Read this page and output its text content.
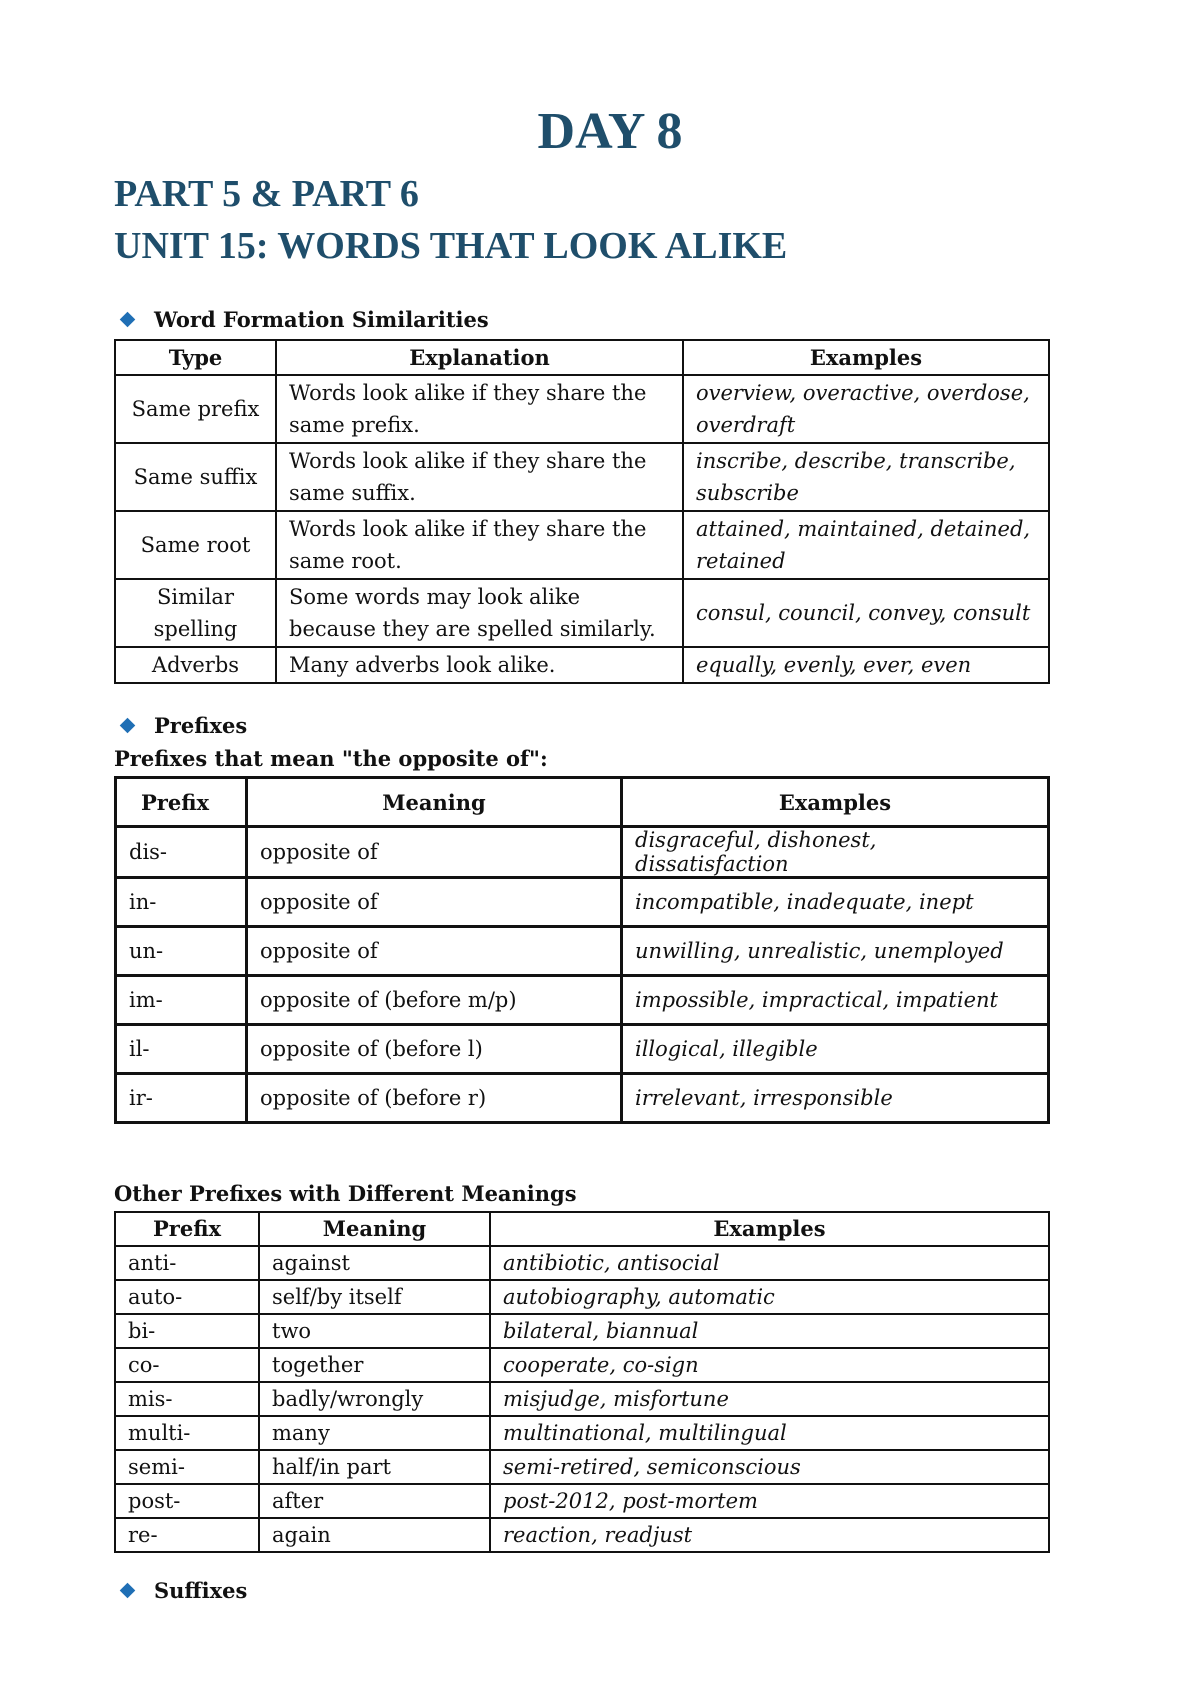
DAY 8
PART 5 & PART 6
UNIT 15: WORDS THAT LOOK ALIKE
Word Formation Similarities
Type	Explanation	Examples
Same prefix	Words look alike if they share the same prefix.	overview, overactive, overdose, overdraft
Same suffix	Words look alike if they share the same suffix.	inscribe, describe, transcribe, subscribe
Same root	Words look alike if they share the same root.	attained, maintained, detained, retained
Similar spelling	Some words may look alike because they are spelled similarly.	consul, council, convey, consult
Adverbs	Many adverbs look alike.	equally, evenly, ever, even
Prefixes
Prefixes that mean "the opposite of":
Prefix	Meaning	Examples
dis-	opposite of	disgraceful, dishonest, dissatisfaction
in-	opposite of	incompatible, inadequate, inept
un-	opposite of	unwilling, unrealistic, unemployed
im-	opposite of (before m/p)	impossible, impractical, impatient
il-	opposite of (before l)	illogical, illegible
ir-	opposite of (before r)	irrelevant, irresponsible
Other Prefixes with Different Meanings
Prefix	Meaning	Examples
anti-	against	antibiotic, antisocial
auto-	self/by itself	autobiography, automatic
bi-	two	bilateral, biannual
co-	together	cooperate, co-sign
mis-	badly/wrongly	misjudge, misfortune
multi-	many	multinational, multilingual
semi-	half/in part	semi-retired, semiconscious
post-	after	post-2012, post-mortem
re-	again	reaction, readjust
Suffixes
